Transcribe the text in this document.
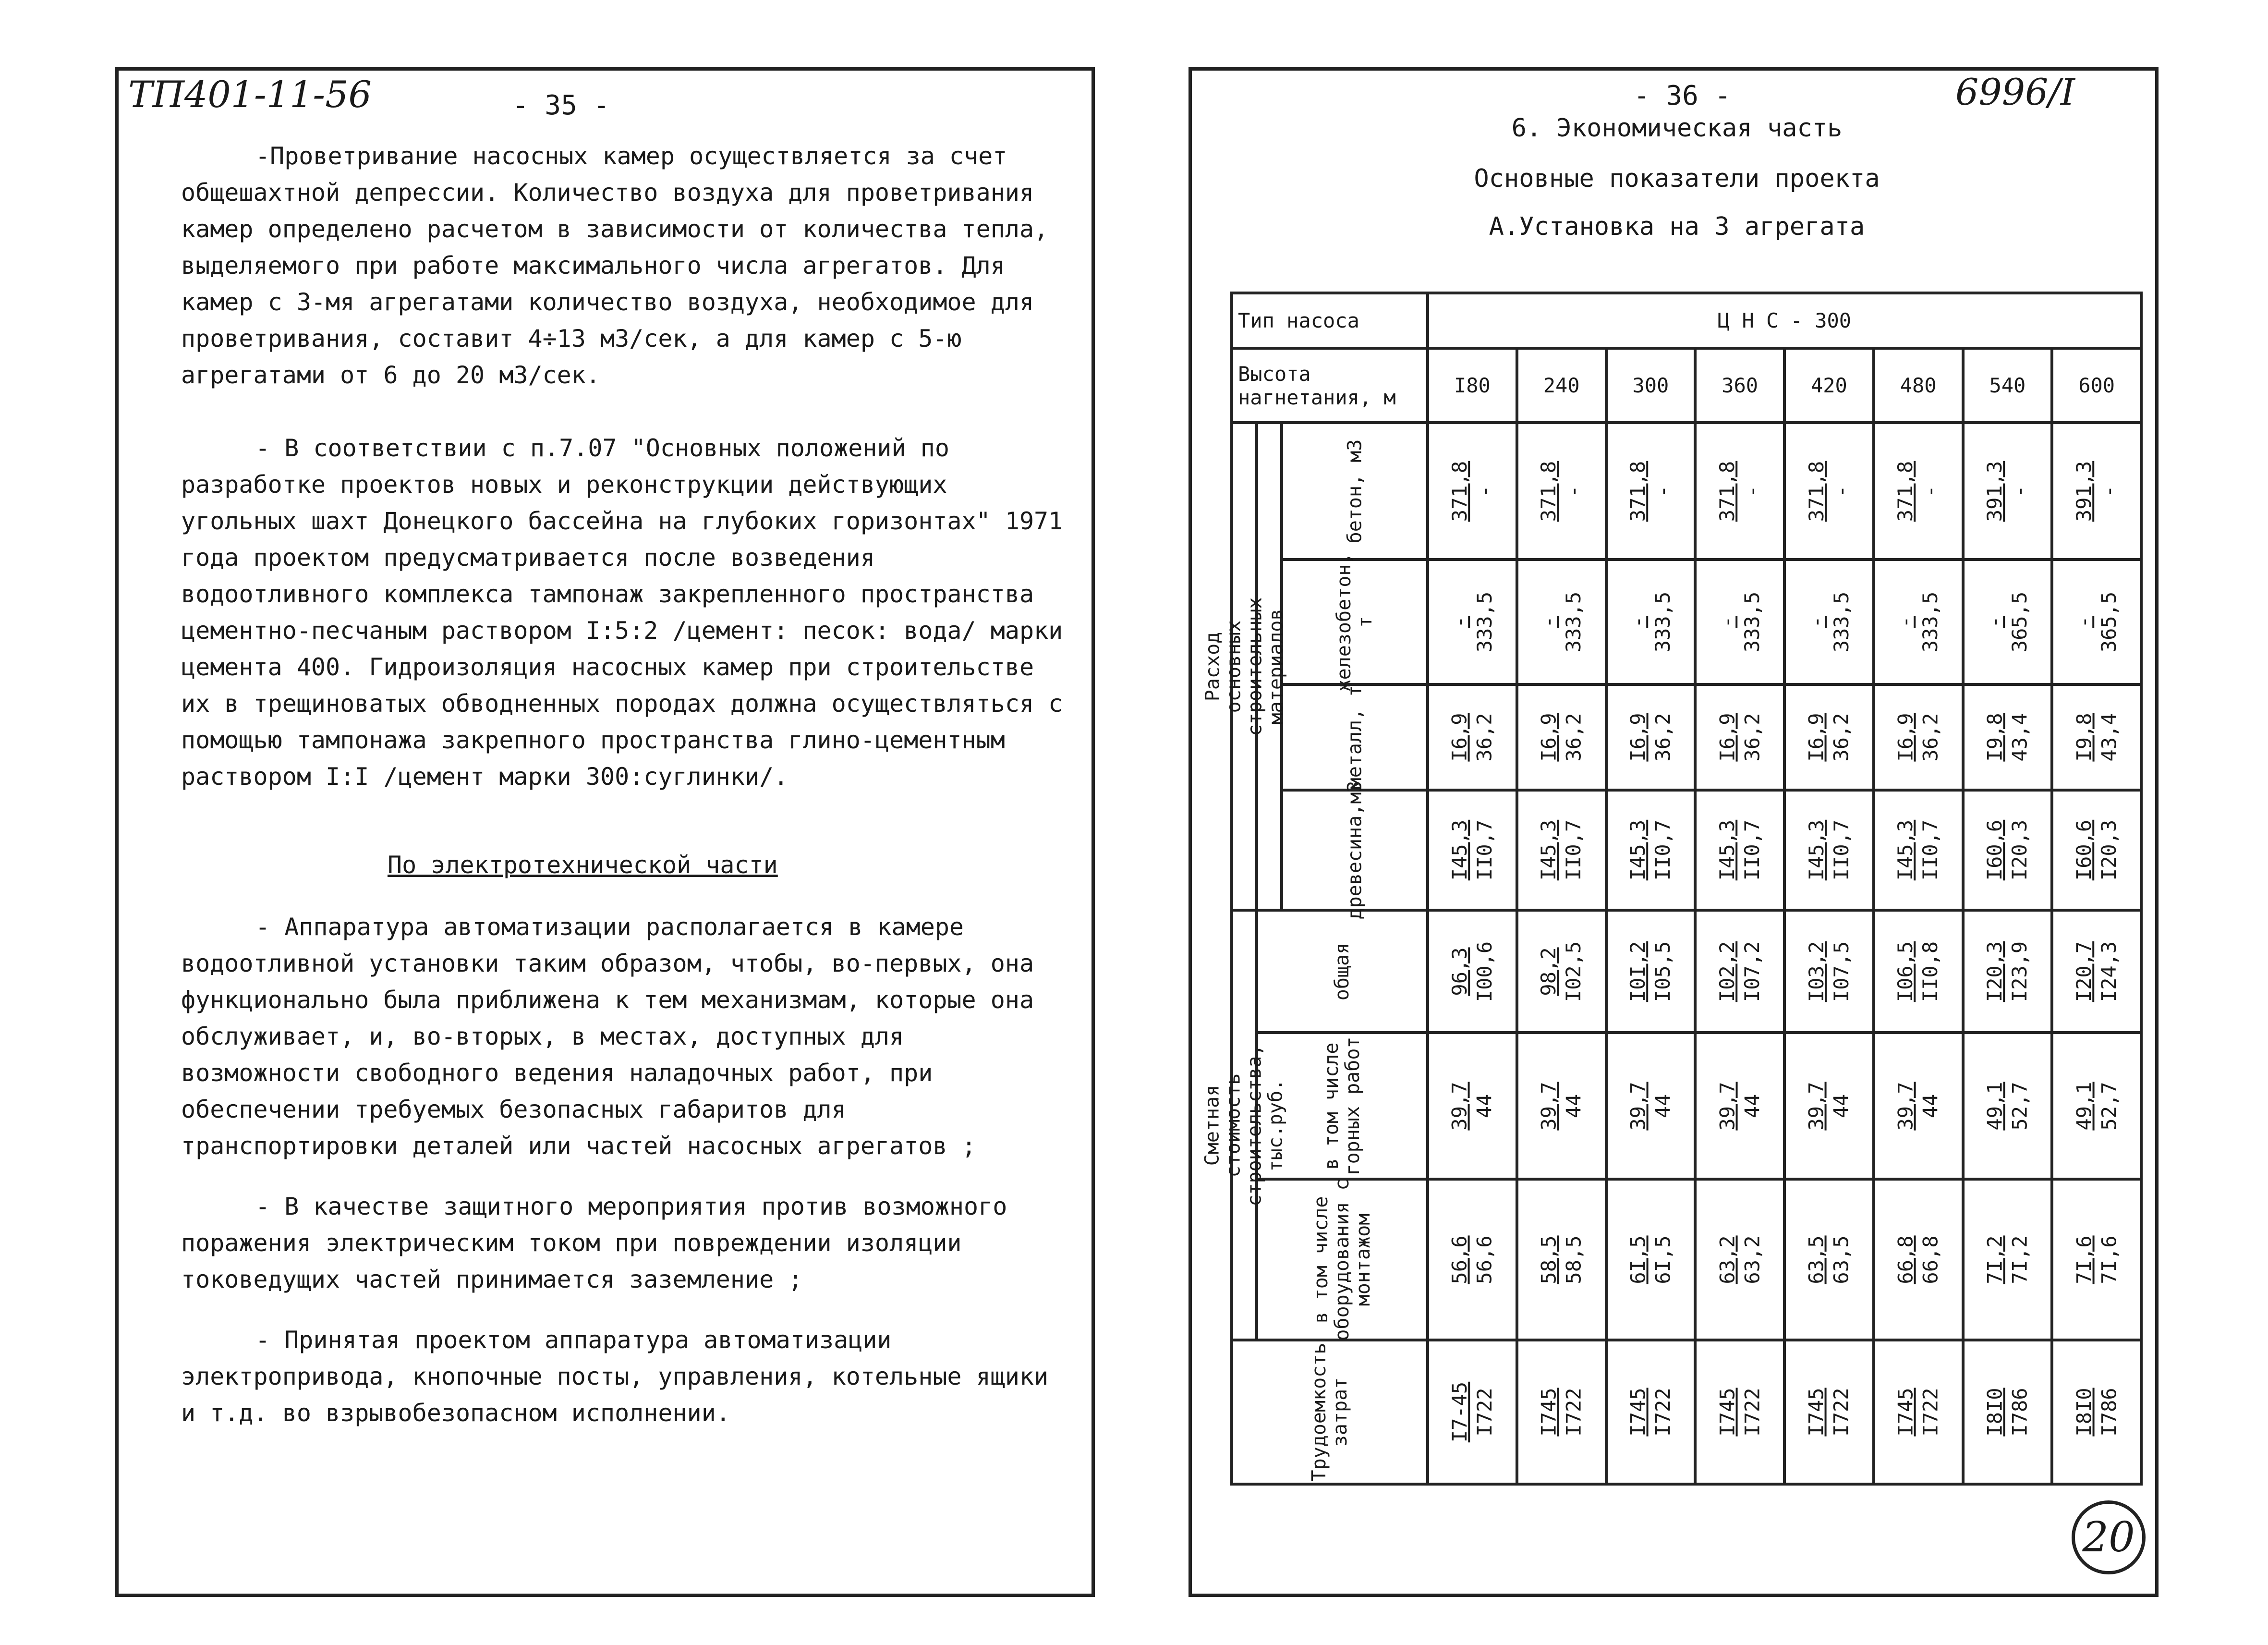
ТП401-11-56	- 35 -

-Проветривание насосных камер осуществляется за счет общешахтной депрессии. Количество воздуха для проветривания камер определено расчетом в зависимости от количества тепла, выделяемого при работе максимального числа агрегатов. Для камер с 3-мя агрегатами количество воздуха, необходимое для проветривания, составит 4÷13 м3/сек, а для камер с 5-ю агрегатами от 6 до 20 м3/сек.

- В соответствии с п.7.07 "Основных положений по разработке проектов новых и реконструкции действующих угольных шахт Донецкого бассейна на глубоких горизонтах" 1971 года проектом предусматривается после возведения водоотливного комплекса тампонаж закрепленного пространства цементно-песчаным раствором I:5:2 /цемент: песок: вода/ марки цемента 400. Гидроизоляция насосных камер при строительстве их в трещиноватых обводненных породах должна осуществляться с помощью тампонажа закрепного пространства глино-цементным раствором I:I /цемент марки 300:суглинки/.

По электротехнической части

- Аппаратура автоматизации располагается в камере водоотливной установки таким образом, чтобы, во-первых, она функционально была приближена к тем механизмам, которые она обслуживает, и, во-вторых, в местах, доступных для возможности свободного ведения наладочных работ, при обеспечении требуемых безопасных габаритов для транспортировки деталей или частей насосных агрегатов ;

- В качестве защитного мероприятия против возможного поражения электрическим током при повреждении изоляции токоведущих частей принимается заземление ;

- Принятая проектом аппаратура автоматизации электропривода, кнопочные посты, управления, котельные ящики и т.д. во взрывобезопасном исполнении.

- 36 -	6996/I
6. Экономическая часть
Основные показатели проекта
А.Установка на 3 агрегата
Тип насоса			Ц Н С - 300							
Высота нагнетания, м			I80	240	300	360	420	480	540	600

Расход основных строительных материалов		бетон, м3	371,8 -	371,8 -	371,8 -	371,8 -	371,8 -	371,8 -	391,3 -	391,3 -

		железобетон, т	- 333,5	- 333,5	- 333,5	- 333,5	- 333,5	- 333,5	- 365,5	- 365,5

		металл, т	I6,9 36,2	I6,9 36,2	I6,9 36,2	I6,9 36,2	I6,9 36,2	I6,9 36,2	I9,8 43,4	I9,8 43,4

		древесина,м3	I45,3 II0,7	I45,3 II0,7	I45,3 II0,7	I45,3 II0,7	I45,3 II0,7	I45,3 II0,7	I60,6 I20,3	I60,6 I20,3

Сметная стоимость строительства, тыс.руб.	общая		96,3 I00,6	98,2 I02,5	I0I,2 I05,5	I02,2 I07,2	I03,2 I07,5	I06,5 II0,8	I20,3 I23,9	I20,7 I24,3

	в том числе горных работ		39,7 44	39,7 44	39,7 44	39,7 44	39,7 44	39,7 44	49,1 52,7	49,1 52,7

	в том числе оборудования с монтажом		56,6 56,6	58,5 58,5	6I,5 6I,5	63,2 63,2	63,5 63,5	66,8 66,8	7I,2 7I,2	7I,6 7I,6

Трудоемкость затрат			I7-45 I722	I745 I722	I745 I722	I745 I722	I745 I722	I745 I722	I8I0 I786	I8I0 I786
20
